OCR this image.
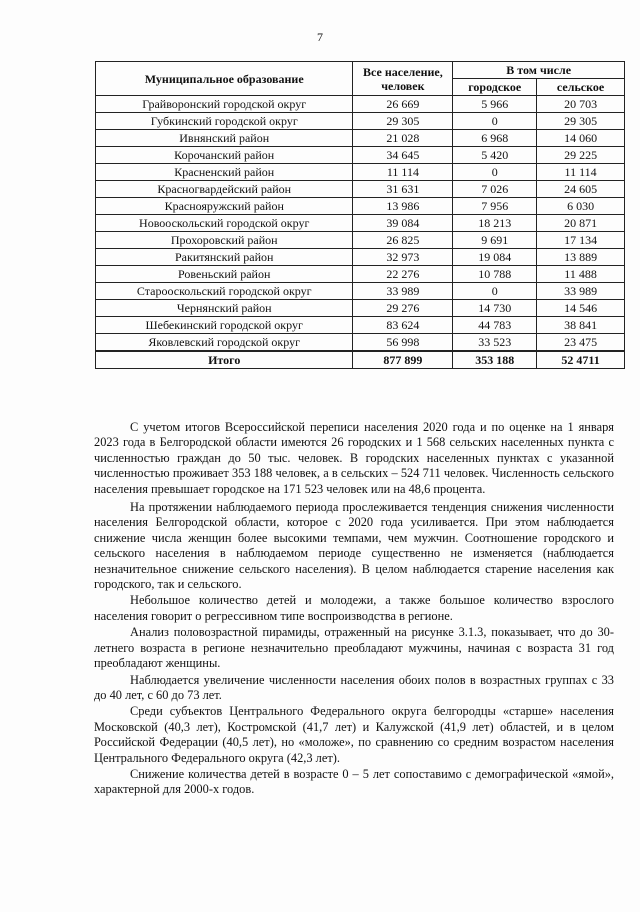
7
Муниципальное образование	Все население, человек	В том числе	
		городское	сельское
Грайворонский городской округ	26 669	5 966	20 703
Губкинский городской округ	29 305	0	29 305
Ивнянский район	21 028	6 968	14 060
Корочанский район	34 645	5 420	29 225
Красненский район	11 114	0	11 114
Красногвардейский район	31 631	7 026	24 605
Краснояружский район	13 986	7 956	6 030
Новооскольский городской округ	39 084	18 213	20 871
Прохоровский район	26 825	9 691	17 134
Ракитянский район	32 973	19 084	13 889
Ровеньский район	22 276	10 788	11 488
Старооскольский городской округ	33 989	0	33 989
Чернянский район	29 276	14 730	14 546
Шебекинский городской округ	83 624	44 783	38 841
Яковлевский городской округ	56 998	33 523	23 475
Итого	877 899	353 188	52 4711

С учетом итогов Всероссийской переписи населения 2020 года и по оценке на 1 января 2023 года в Белгородской области имеются 26 городских и 1 568 сельских населенных пункта с численностью граждан до 50 тыс. человек. В городских населенных пунктах с указанной численностью проживает 353 188 человек, а в сельских – 524 711 человек. Численность сельского населения превышает городское на 171 523 человек или на 48,6 процента.

На протяжении наблюдаемого периода прослеживается тенденция снижения численности населения Белгородской области, которое с 2020 года усиливается. При этом наблюдается снижение числа женщин более высокими темпами, чем мужчин. Соотношение городского и сельского населения в наблюдаемом периоде существенно не изменяется (наблюдается незначительное снижение сельского населения). В целом наблюдается старение населения как городского, так и сельского.

Небольшое количество детей и молодежи, а также большое количество взрослого населения говорит о регрессивном типе воспроизводства в регионе.

Анализ половозрастной пирамиды, отраженный на рисунке 3.1.3, показывает, что до 30-летнего возраста в регионе незначительно преобладают мужчины, начиная с возраста 31 год преобладают женщины.

Наблюдается увеличение численности населения обоих полов в возрастных группах с 33 до 40 лет, с 60 до 73 лет.

Среди субъектов Центрального Федерального округа белгородцы «старше» населения Московской (40,3 лет), Костромской (41,7 лет) и Калужской (41,9 лет) областей, и в целом Российской Федерации (40,5 лет), но «моложе», по сравнению со средним возрастом населения Центрального Федерального округа (42,3 лет).

Снижение количества детей в возрасте 0 – 5 лет сопоставимо с демографической «ямой», характерной для 2000-х годов.
